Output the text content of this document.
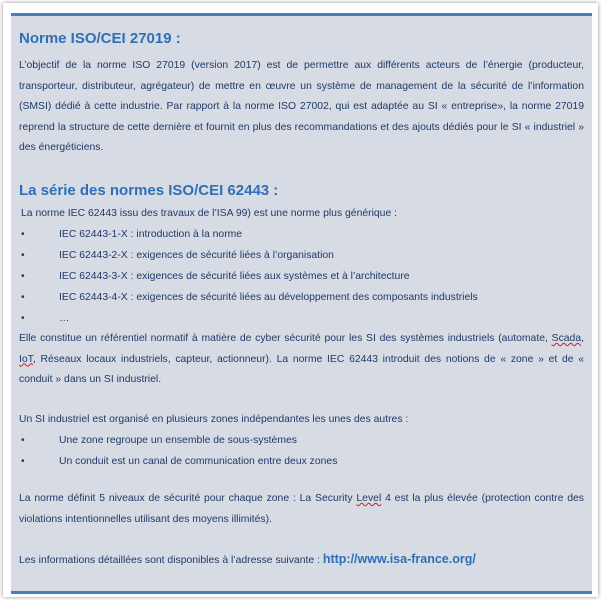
Norme ISO/CEI 27019 :

L’objectif de la norme ISO 27019 (version 2017) est de permettre aux différents acteurs de l’énergie (producteur, transporteur, distributeur, agrégateur) de mettre en œuvre un système de management de la sécurité de l’information (SMSI) dédié à cette industrie. Par rapport à la norme ISO 27002, qui est adaptée au SI « entreprise», la norme 27019 reprend la structure de cette dernière et fournit en plus des recommandations et des ajouts dédiés pour le SI « industriel » des énergéticiens.

La série des normes ISO/CEI 62443 :

La norme IEC 62443 issu des travaux de l’ISA 99) est une norme plus générique :

•	IEC 62443-1-X : introduction à la norme
•	IEC 62443-2-X : exigences de sécurité liées à l’organisation
•	IEC 62443-3-X : exigences de sécurité liées aux systèmes et à l’architecture
•	IEC 62443-4-X : exigences de sécurité liées au développement des composants industriels
•	…

Elle constitue un référentiel normatif à matière de cyber sécurité pour les SI des systèmes industriels (automate, Scada, IoT, Réseaux locaux industriels, capteur, actionneur). La norme IEC 62443 introduit des notions de « zone » et de « conduit » dans un SI industriel.

Un SI industriel est organisé en plusieurs zones indépendantes les unes des autres :

•	Une zone regroupe un ensemble de sous-systèmes
•	Un conduit est un canal de communication entre deux zones

La norme définit 5 niveaux de sécurité pour chaque zone : La Security Level 4 est la plus élevée (protection contre des violations intentionnelles utilisant des moyens illimités).

Les informations détaillées sont disponibles à l’adresse suivante : http://www.isa-france.org/
